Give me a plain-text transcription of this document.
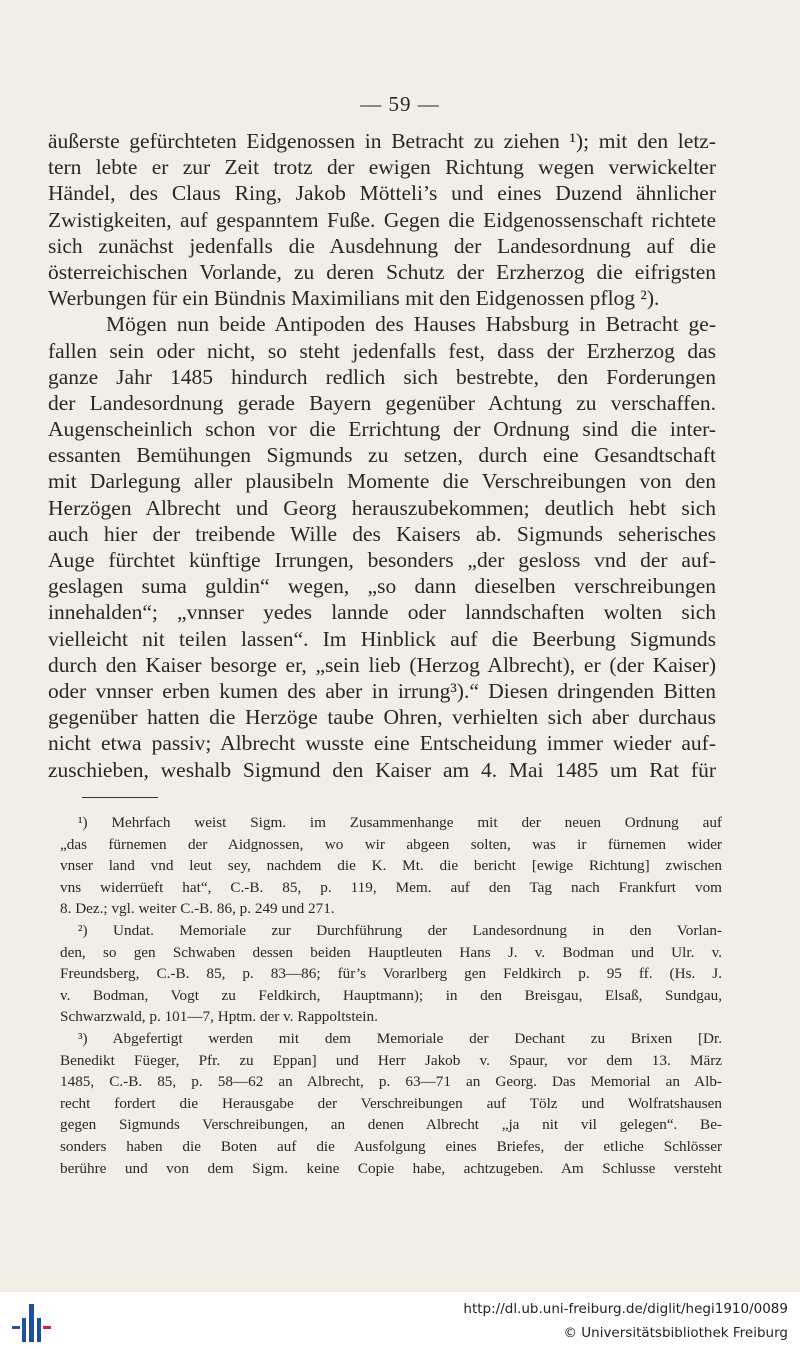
— 59 —
äußerste gefürchteten Eidgenossen in Betracht zu ziehen ¹); mit den letz-
tern lebte er zur Zeit trotz der ewigen Richtung wegen verwickelter
Händel, des Claus Ring, Jakob Mötteli’s und eines Duzend ähnlicher
Zwistigkeiten, auf gespanntem Fuße. Gegen die Eidgenossenschaft richtete
sich zunächst jedenfalls die Ausdehnung der Landesordnung auf die
österreichischen Vorlande, zu deren Schutz der Erzherzog die eifrigsten
Werbungen für ein Bündnis Maximilians mit den Eidgenossen pflog ²).
Mögen nun beide Antipoden des Hauses Habsburg in Betracht ge-
fallen sein oder nicht, so steht jedenfalls fest, dass der Erzherzog das
ganze Jahr 1485 hindurch redlich sich bestrebte, den Forderungen
der Landesordnung gerade Bayern gegenüber Achtung zu verschaffen.
Augenscheinlich schon vor die Errichtung der Ordnung sind die inter-
essanten Bemühungen Sigmunds zu setzen, durch eine Gesandtschaft
mit Darlegung aller plausibeln Momente die Verschreibungen von den
Herzögen Albrecht und Georg herauszubekommen; deutlich hebt sich
auch hier der treibende Wille des Kaisers ab. Sigmunds seherisches
Auge fürchtet künftige Irrungen, besonders „der gesloss vnd der auf-
geslagen suma guldin“ wegen, „so dann dieselben verschreibungen
innehalden“; „vnnser yedes lannde oder lanndschaften wolten sich
vielleicht nit teilen lassen“. Im Hinblick auf die Beerbung Sigmunds
durch den Kaiser besorge er, „sein lieb (Herzog Albrecht), er (der Kaiser)
oder vnnser erben kumen des aber in irrung³).“ Diesen dringenden Bitten
gegenüber hatten die Herzöge taube Ohren, verhielten sich aber durchaus
nicht etwa passiv; Albrecht wusste eine Entscheidung immer wieder auf-
zuschieben, weshalb Sigmund den Kaiser am 4. Mai 1485 um Rat für
¹) Mehrfach weist Sigm. im Zusammenhange mit der neuen Ordnung auf
„das fürnemen der Aidgnossen, wo wir abgeen solten, was ir fürnemen wider
vnser land vnd leut sey, nachdem die K. Mt. die bericht [ewige Richtung] zwischen
vns widerrüeft hat“, C.-B. 85, p. 119, Mem. auf den Tag nach Frankfurt vom
8. Dez.; vgl. weiter C.-B. 86, p. 249 und 271.
²) Undat. Memoriale zur Durchführung der Landesordnung in den Vorlan-
den, so gen Schwaben dessen beiden Hauptleuten Hans J. v. Bodman und Ulr. v.
Freundsberg, C.-B. 85, p. 83—86; für’s Vorarlberg gen Feldkirch p. 95 ff. (Hs. J.
v. Bodman, Vogt zu Feldkirch, Hauptmann); in den Breisgau, Elsaß, Sundgau,
Schwarzwald, p. 101—7, Hptm. der v. Rappoltstein.
³) Abgefertigt werden mit dem Memoriale der Dechant zu Brixen [Dr.
Benedikt Füeger, Pfr. zu Eppan] und Herr Jakob v. Spaur, vor dem 13. März
1485, C.-B. 85, p. 58—62 an Albrecht, p. 63—71 an Georg. Das Memorial an Alb-
recht fordert die Herausgabe der Verschreibungen auf Tölz und Wolfratshausen
gegen Sigmunds Verschreibungen, an denen Albrecht „ja nit vil gelegen“. Be-
sonders haben die Boten auf die Ausfolgung eines Briefes, der etliche Schlösser
berühre und von dem Sigm. keine Copie habe, achtzugeben. Am Schlusse versteht
http://dl.ub.uni-freiburg.de/diglit/hegi1910/0089
© Universitätsbibliothek Freiburg
